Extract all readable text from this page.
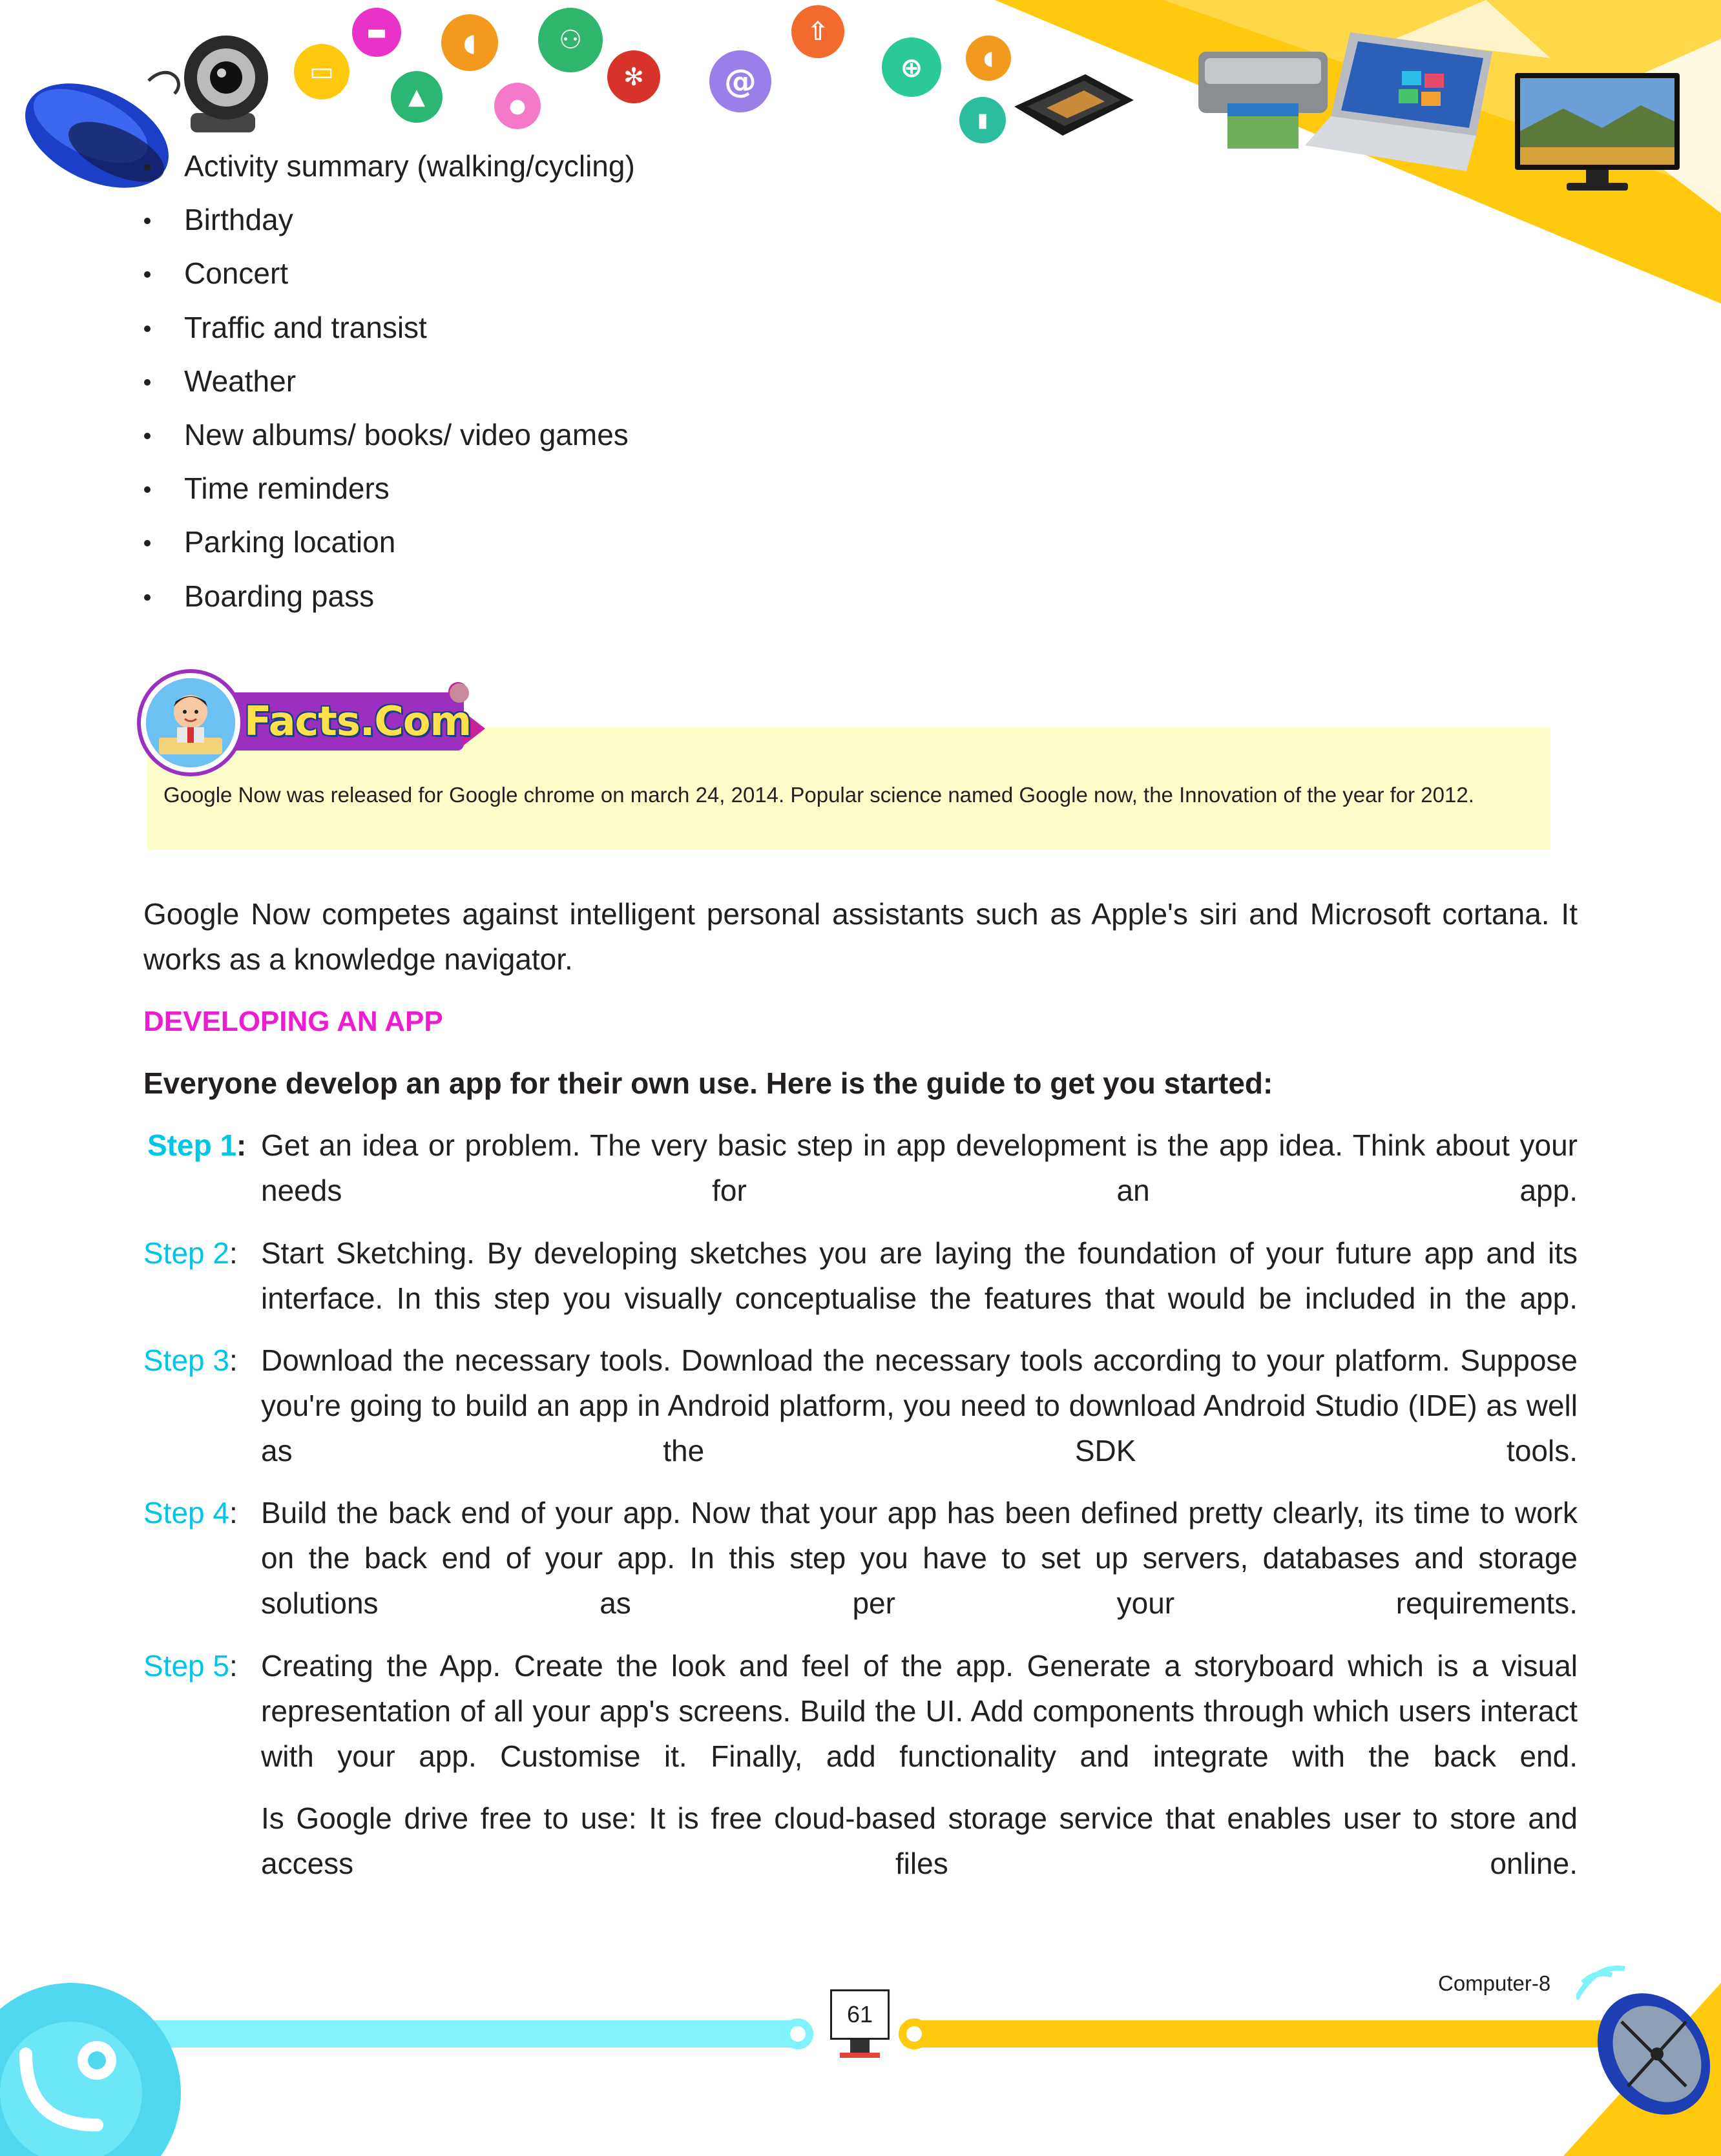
▭
▬	◖	⚇
▲	●
✻	@
⇧
⊕	◖
▮
Activity summary (walking/cycling)
Birthday
Concert
Traffic and transist
Weather
New albums/ books/ video games
Time reminders
Parking location
Boarding pass
Google Now was released for Google chrome on march 24, 2014. Popular science named Google now, the Innovation of the year for 2012.
Facts.Com
Google Now competes against intelligent personal assistants such as Apple's siri and Microsoft cortana. It works as a knowledge navigator.
DEVELOPING AN APP
Everyone develop an app for their own use. Here is the guide to get you started:
Step 1: Get an idea or problem. The very basic step in app development is the app idea. Think about your needs for an app.
Step 2: Start Sketching. By developing sketches you are laying the foundation of your future app and its interface. In this step you visually conceptualise the features that would be included in the app.
Step 3: Download the necessary tools. Download the necessary tools according to your platform. Suppose you're going to build an app in Android platform, you need to download Android Studio (IDE) as well as the SDK tools.
Step 4: Build the back end of your app. Now that your app has been defined pretty clearly, its time to work on the back end of your app. In this step you have to set up servers, databases and storage solutions as per your requirements.
Step 5: Creating the App. Create the look and feel of the app. Generate a storyboard which is a visual representation of all your app's screens. Build the UI. Add components through which users interact with your app. Customise it. Finally, add functionality and integrate with the back end.
Is Google drive free to use: It is free cloud-based storage service that enables user to store and access files online.
Computer-8
61
